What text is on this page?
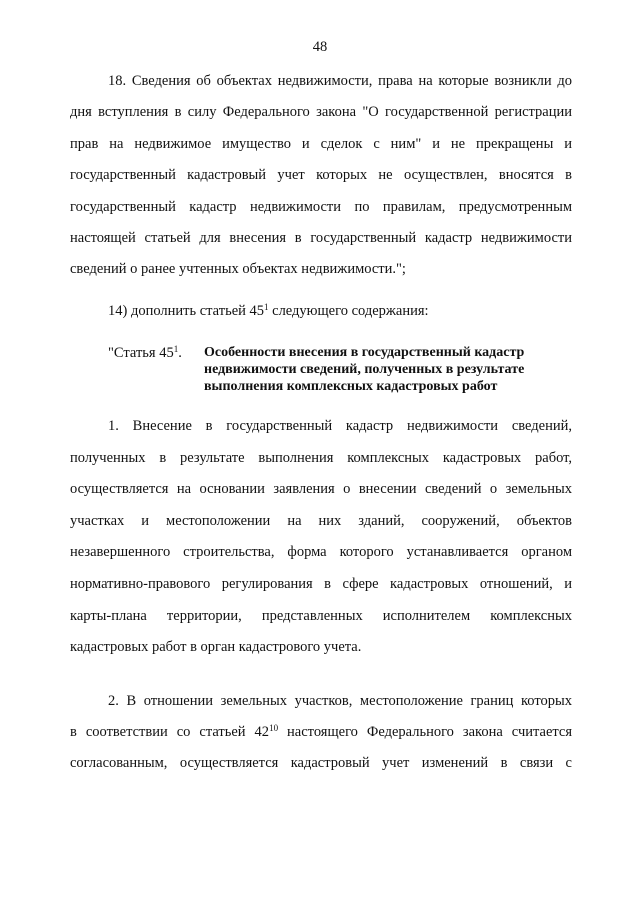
48
18. Сведения об объектах недвижимости, права на которые возникли до
дня вступления в силу Федерального закона "О государственной регистрации
прав на недвижимое имущество и сделок с ним" и не прекращены и
государственный кадастровый учет которых не осуществлен, вносятся в
государственный кадастр недвижимости по правилам, предусмотренным
настоящей статьей для внесения в государственный кадастр недвижимости
сведений о ранее учтенных объектах недвижимости.";
14) дополнить статьей $45^1$ следующего содержания:
"Статья $45^1$. Особенности внесения в государственный кадастр
недвижимости сведений, полученных в результате
выполнения комплексных кадастровых работ
1. Внесение в государственный кадастр недвижимости сведений,
полученных в результате выполнения комплексных кадастровых работ,
осуществляется на основании заявления о внесении сведений о земельных
участках и местоположении на них зданий, сооружений, объектов
незавершенного строительства, форма которого устанавливается органом
нормативно-правового регулирования в сфере кадастровых отношений, и
карты-плана территории, представленных исполнителем комплексных
кадастровых работ в орган кадастрового учета.
2. В отношении земельных участков, местоположение границ которых
в соответствии со статьей $42^{10}$ настоящего Федерального закона считается
согласованным, осуществляется кадастровый учет изменений в связи с
